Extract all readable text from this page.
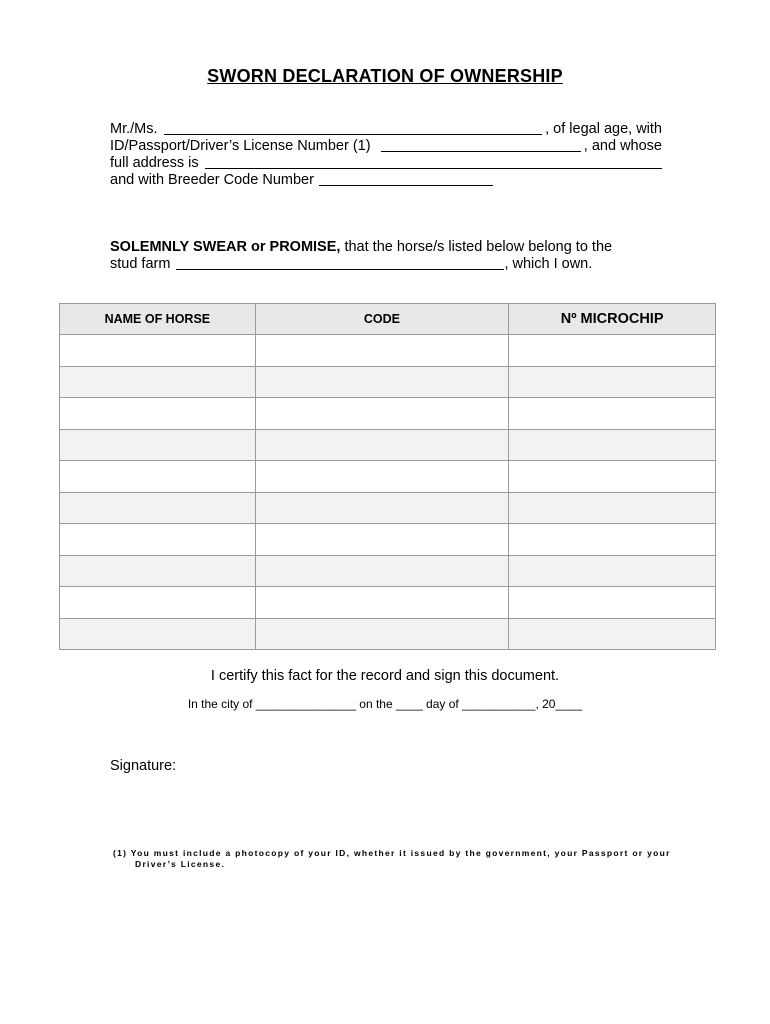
SWORN DECLARATION OF OWNERSHIP
Mr./Ms.	, of legal age, with
ID/Passport/Driver’s License Number (1)	, and whose
full address is
and with Breeder Code Number
SOLEMNLY SWEAR or PROMISE, that the horse/s listed below belong to the
stud farm	, which I own.
NAME OF HORSE	CODE	Nº MICROCHIP

I certify this fact for the record and sign this document.
In the city of _______________ on the ____ day of ___________, 20____
Signature:
(1) You must include a photocopy of your ID, whether it issued by the government, your Passport or your
Driver’s License.
